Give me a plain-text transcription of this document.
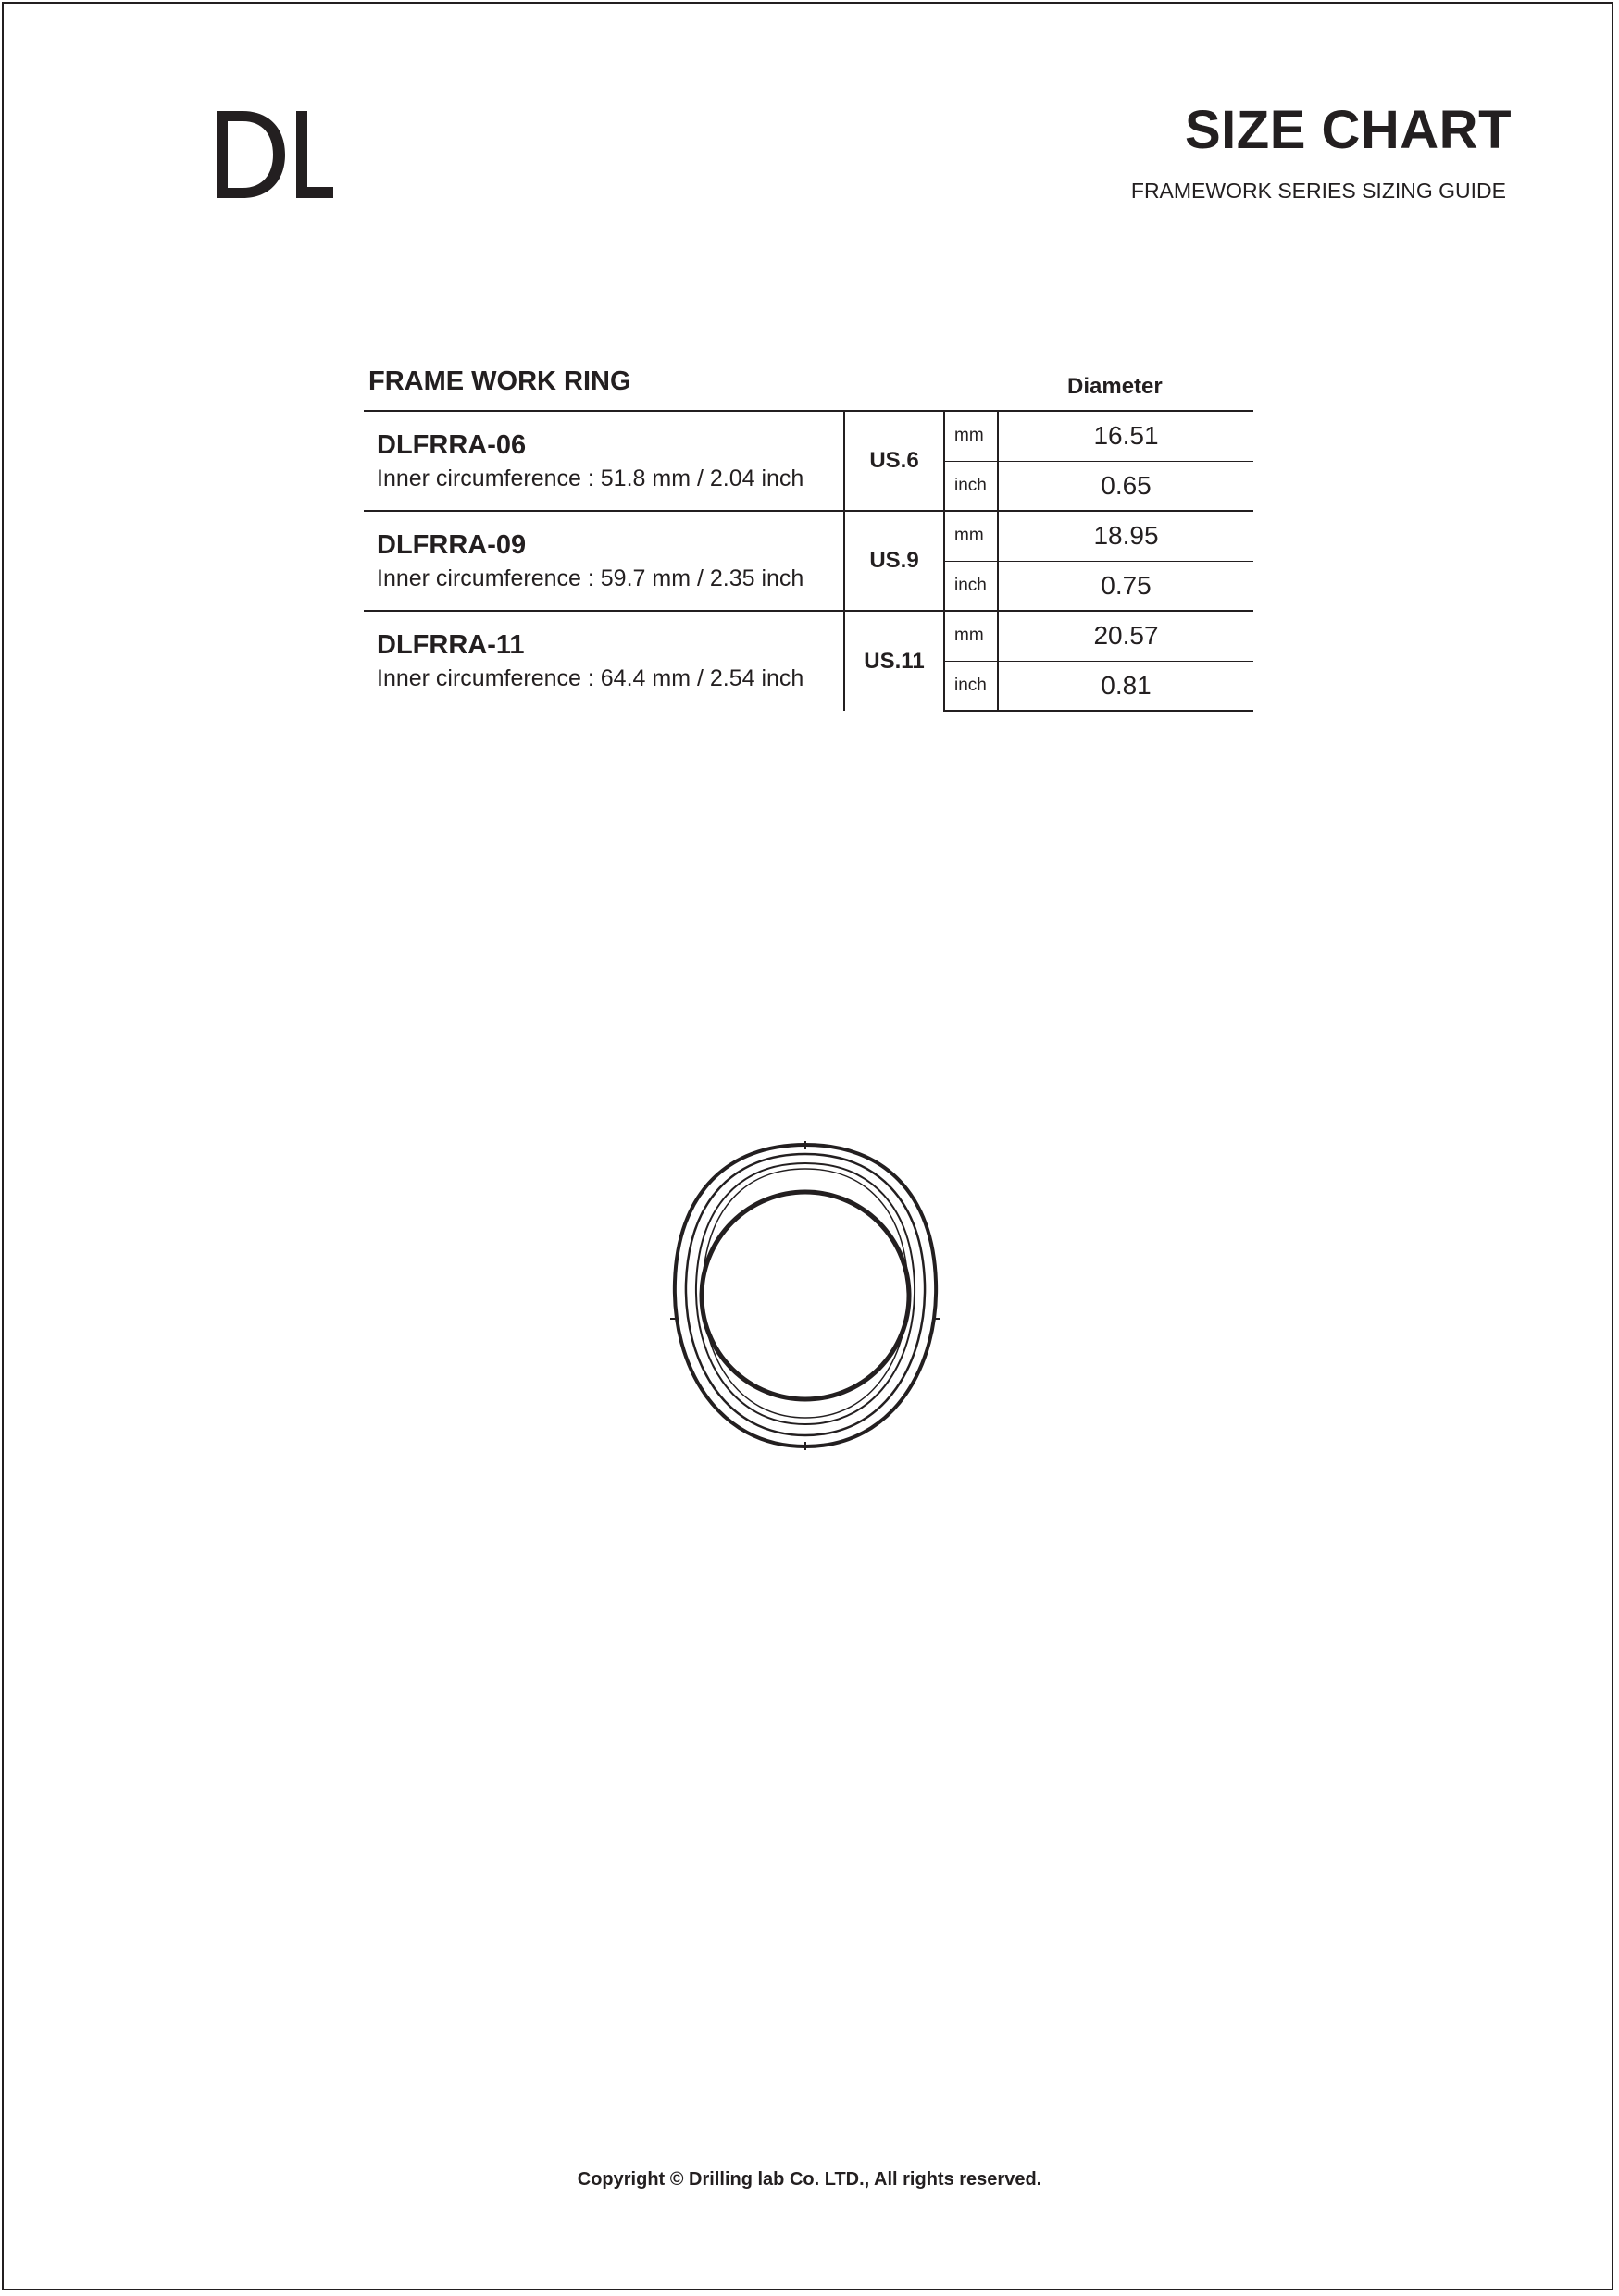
SIZE CHART

FRAMEWORK SERIES SIZING GUIDE

FRAME WORK RING	Diameter
DLFRRA-06
Inner circumference : 51.8 mm / 2.04 inch	US.6	mm	16.51
		inch	0.65

DLFRRA-09
Inner circumference : 59.7 mm / 2.35 inch	US.9	mm	18.95
		inch	0.75

DLFRRA-11
Inner circumference : 64.4 mm / 2.54 inch	US.11	mm	20.57
		inch	0.81
Copyright © Drilling lab Co. LTD., All rights reserved.
